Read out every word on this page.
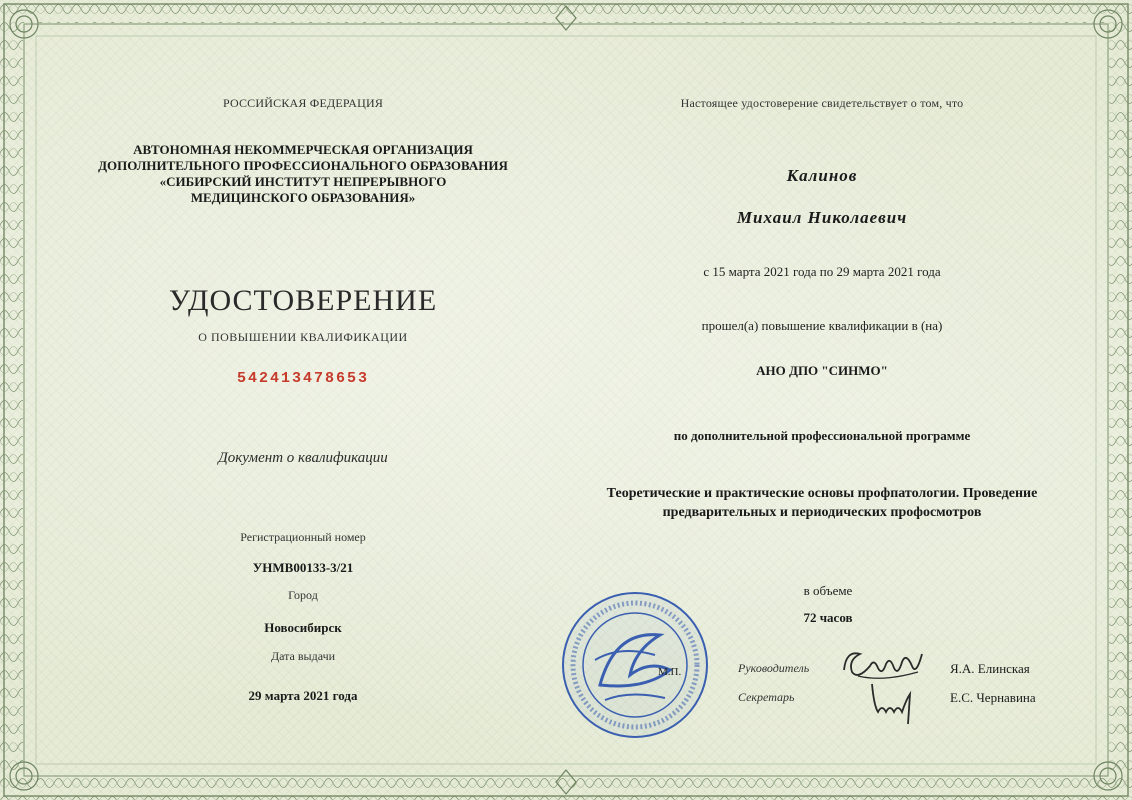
РОССИЙСКАЯ ФЕДЕРАЦИЯ
АВТОНОМНАЯ НЕКОММЕРЧЕСКАЯ ОРГАНИЗАЦИЯ
ДОПОЛНИТЕЛЬНОГО ПРОФЕССИОНАЛЬНОГО ОБРАЗОВАНИЯ
«СИБИРСКИЙ ИНСТИТУТ НЕПРЕРЫВНОГО
МЕДИЦИНСКОГО ОБРАЗОВАНИЯ»
УДОСТОВЕРЕНИЕ
О ПОВЫШЕНИИ КВАЛИФИКАЦИИ
542413478653
Документ о квалификации
Регистрационный номер
УНМВ00133-3/21
Город
Новосибирск
Дата выдачи
29 марта 2021 года
Настоящее удостоверение свидетельствует о том, что
Калинов
Михаил Николаевич
с 15 марта 2021 года по 29 марта 2021 года
прошел(а) повышение квалификации в (на)
АНО ДПО "СИНМО"
по дополнительной профессиональной программе
Теоретические и практические основы профпатологии. Проведение
предварительных и периодических профосмотров
в объеме
72 часов
М.П.	Руководитель	Я.А. Елинская
Секретарь	Е.С. Чернавина
